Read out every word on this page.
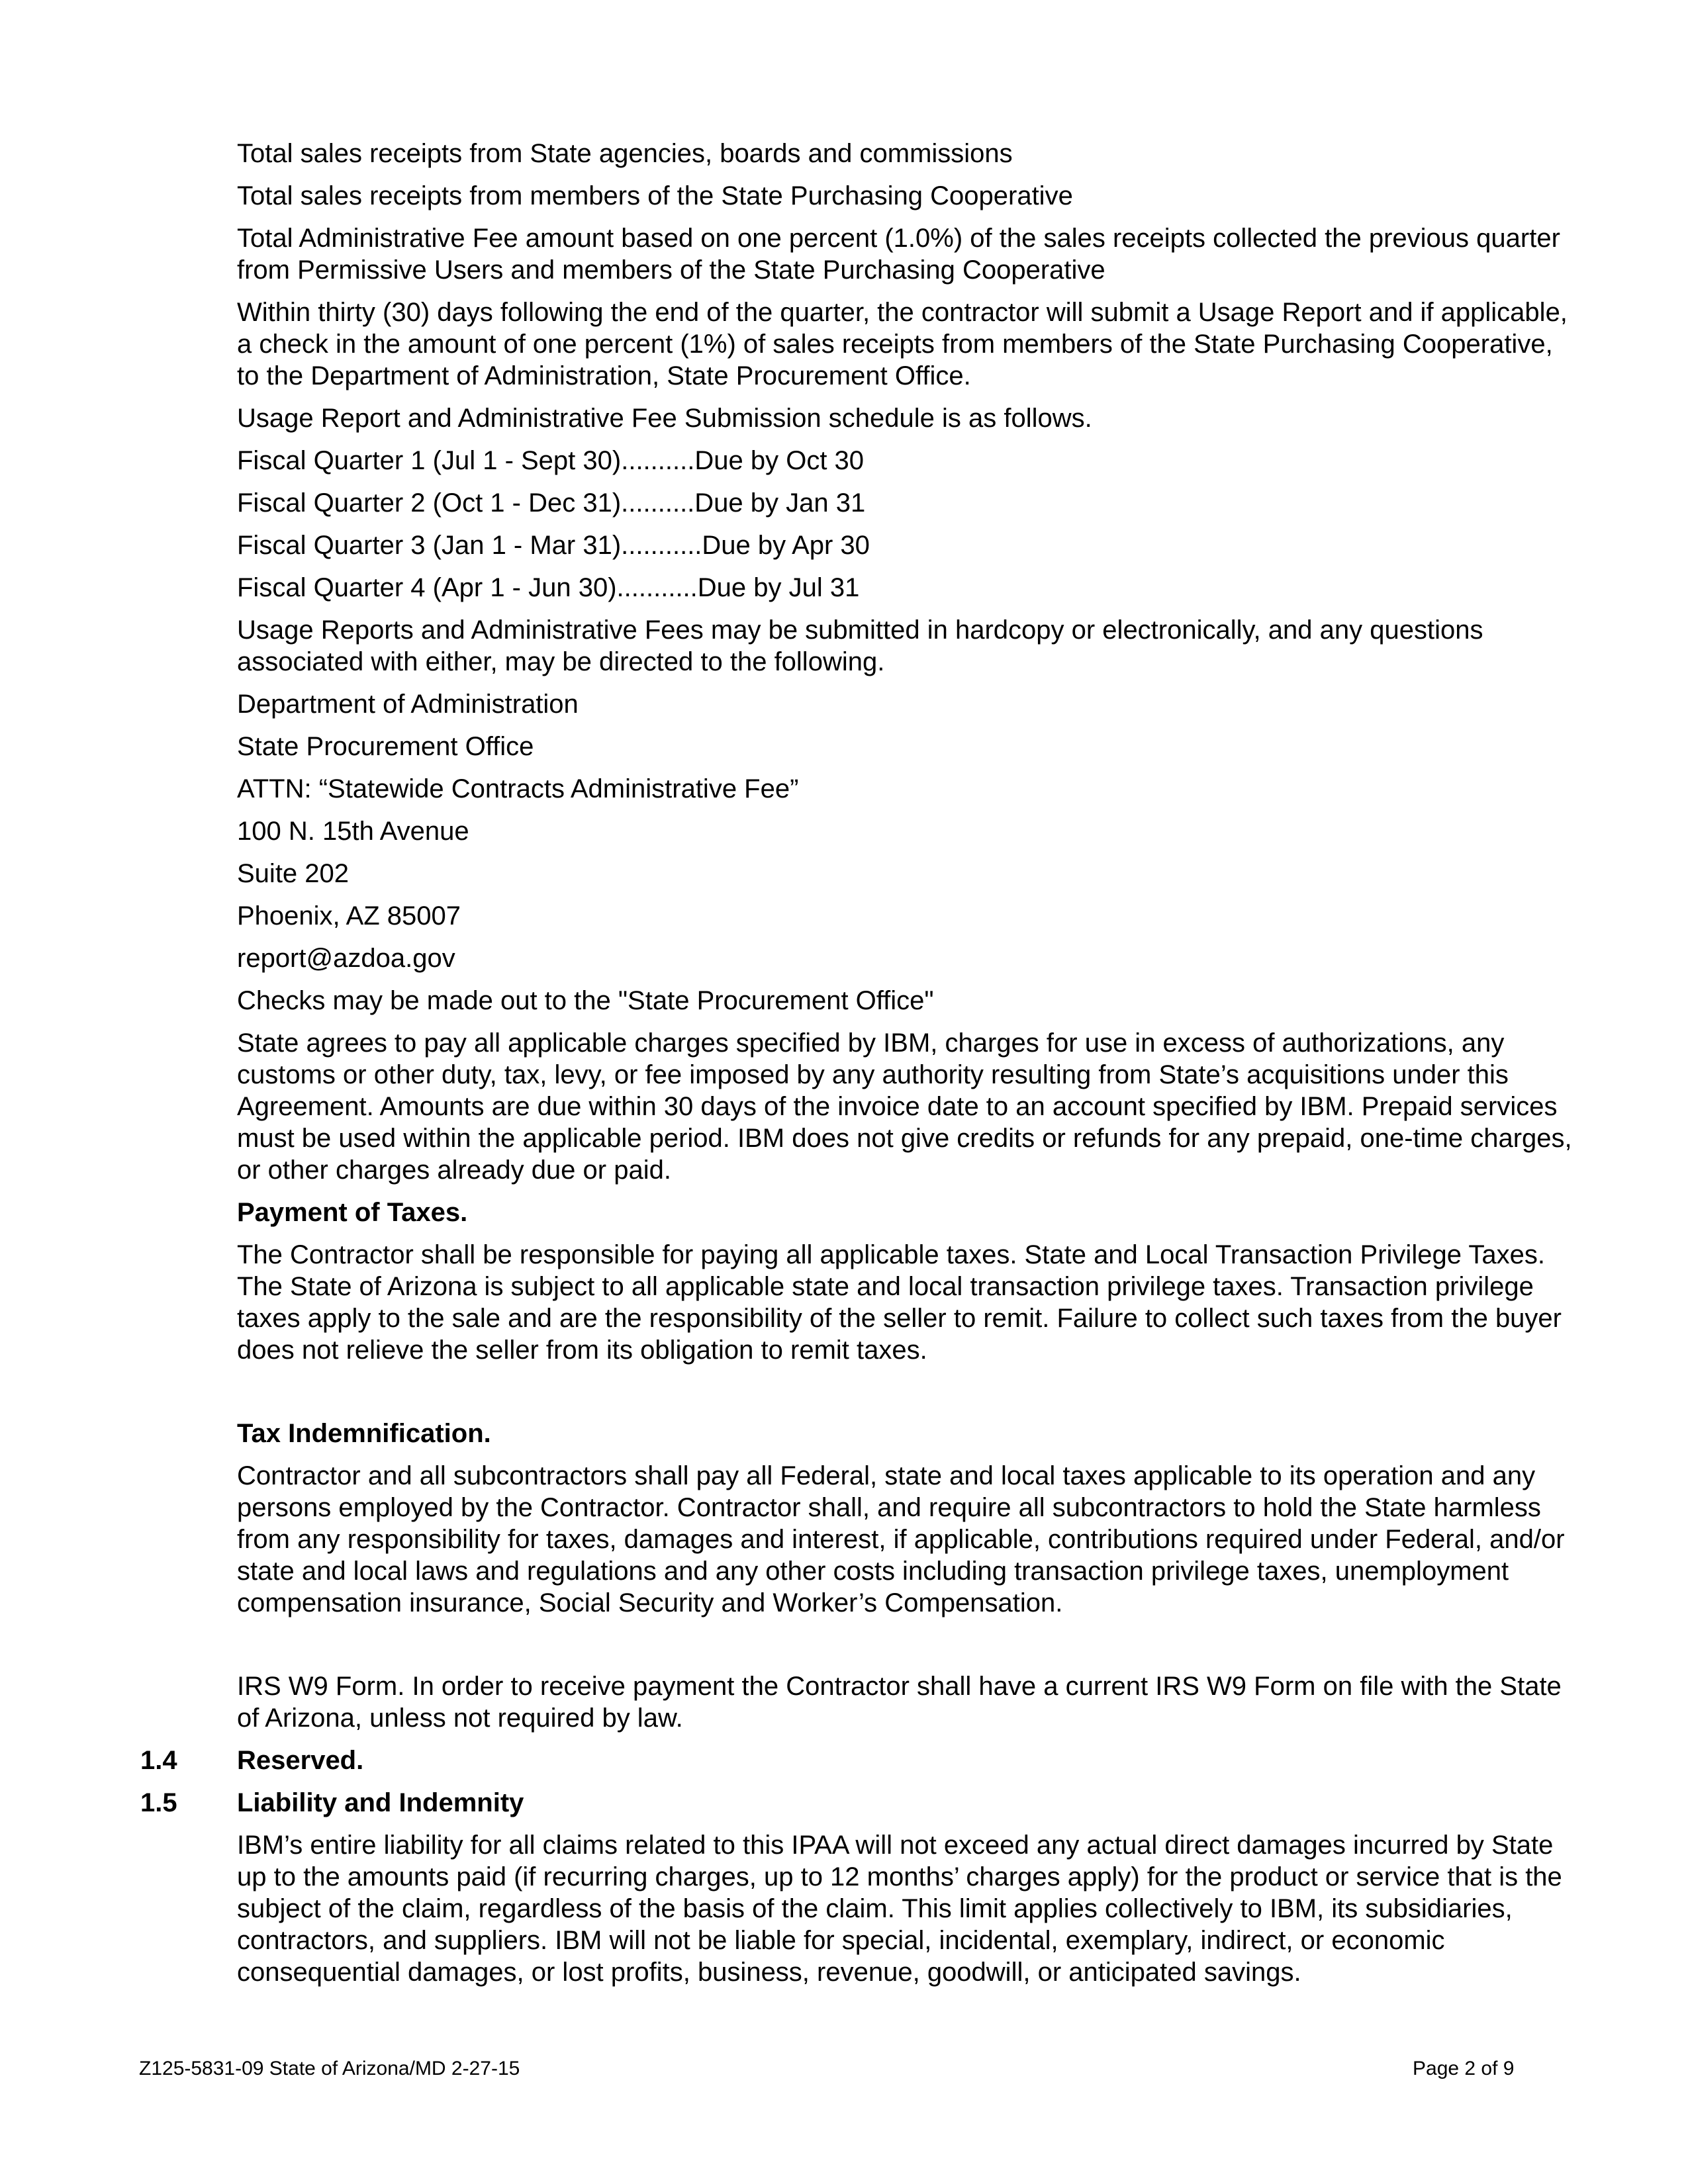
Total sales receipts from State agencies, boards and commissions

Total sales receipts from members of the State Purchasing Cooperative

Total Administrative Fee amount based on one percent (1.0%) of the sales receipts collected the previous quarter from Permissive Users and members of the State Purchasing Cooperative

Within thirty (30) days following the end of the quarter, the contractor will submit a Usage Report and if applicable, a check in the amount of one percent (1%) of sales receipts from members of the State Purchasing Cooperative, to the Department of Administration, State Procurement Office.

Usage Report and Administrative Fee Submission schedule is as follows.

Fiscal Quarter 1 (Jul 1 - Sept 30)..........Due by Oct 30

Fiscal Quarter 2 (Oct 1 - Dec 31)..........Due by Jan 31

Fiscal Quarter 3 (Jan 1 - Mar 31)...........Due by Apr 30

Fiscal Quarter 4 (Apr 1 - Jun 30)...........Due by Jul 31

Usage Reports and Administrative Fees may be submitted in hardcopy or electronically, and any questions associated with either, may be directed to the following.

Department of Administration

State Procurement Office

ATTN: “Statewide Contracts Administrative Fee”

100 N. 15th Avenue

Suite 202

Phoenix, AZ 85007

report@azdoa.gov

Checks may be made out to the "State Procurement Office"

State agrees to pay all applicable charges specified by IBM, charges for use in excess of authorizations, any customs or other duty, tax, levy, or fee imposed by any authority resulting from State’s acquisitions under this Agreement. Amounts are due within 30 days of the invoice date to an account specified by IBM. Prepaid services must be used within the applicable period. IBM does not give credits or refunds for any prepaid, one-time charges, or other charges already due or paid.

Payment of Taxes.

The Contractor shall be responsible for paying all applicable taxes. State and Local Transaction Privilege Taxes. The State of Arizona is subject to all applicable state and local transaction privilege taxes. Transaction privilege taxes apply to the sale and are the responsibility of the seller to remit. Failure to collect such taxes from the buyer does not relieve the seller from its obligation to remit taxes.

Tax Indemnification.

Contractor and all subcontractors shall pay all Federal, state and local taxes applicable to its operation and any persons employed by the Contractor. Contractor shall, and require all subcontractors to hold the State harmless from any responsibility for taxes, damages and interest, if applicable, contributions required under Federal, and/or state and local laws and regulations and any other costs including transaction privilege taxes, unemployment compensation insurance, Social Security and Worker’s Compensation.

IRS W9 Form. In order to receive payment the Contractor shall have a current IRS W9 Form on file with the State of Arizona, unless not required by law.

1.4 Reserved.

1.5 Liability and Indemnity

IBM’s entire liability for all claims related to this IPAA will not exceed any actual direct damages incurred by State up to the amounts paid (if recurring charges, up to 12 months’ charges apply) for the product or service that is the subject of the claim, regardless of the basis of the claim. This limit applies collectively to IBM, its subsidiaries, contractors, and suppliers. IBM will not be liable for special, incidental, exemplary, indirect, or economic consequential damages, or lost profits, business, revenue, goodwill, or anticipated savings.

Z125-5831-09 State of Arizona/MD 2-27-15	Page 2 of 9
